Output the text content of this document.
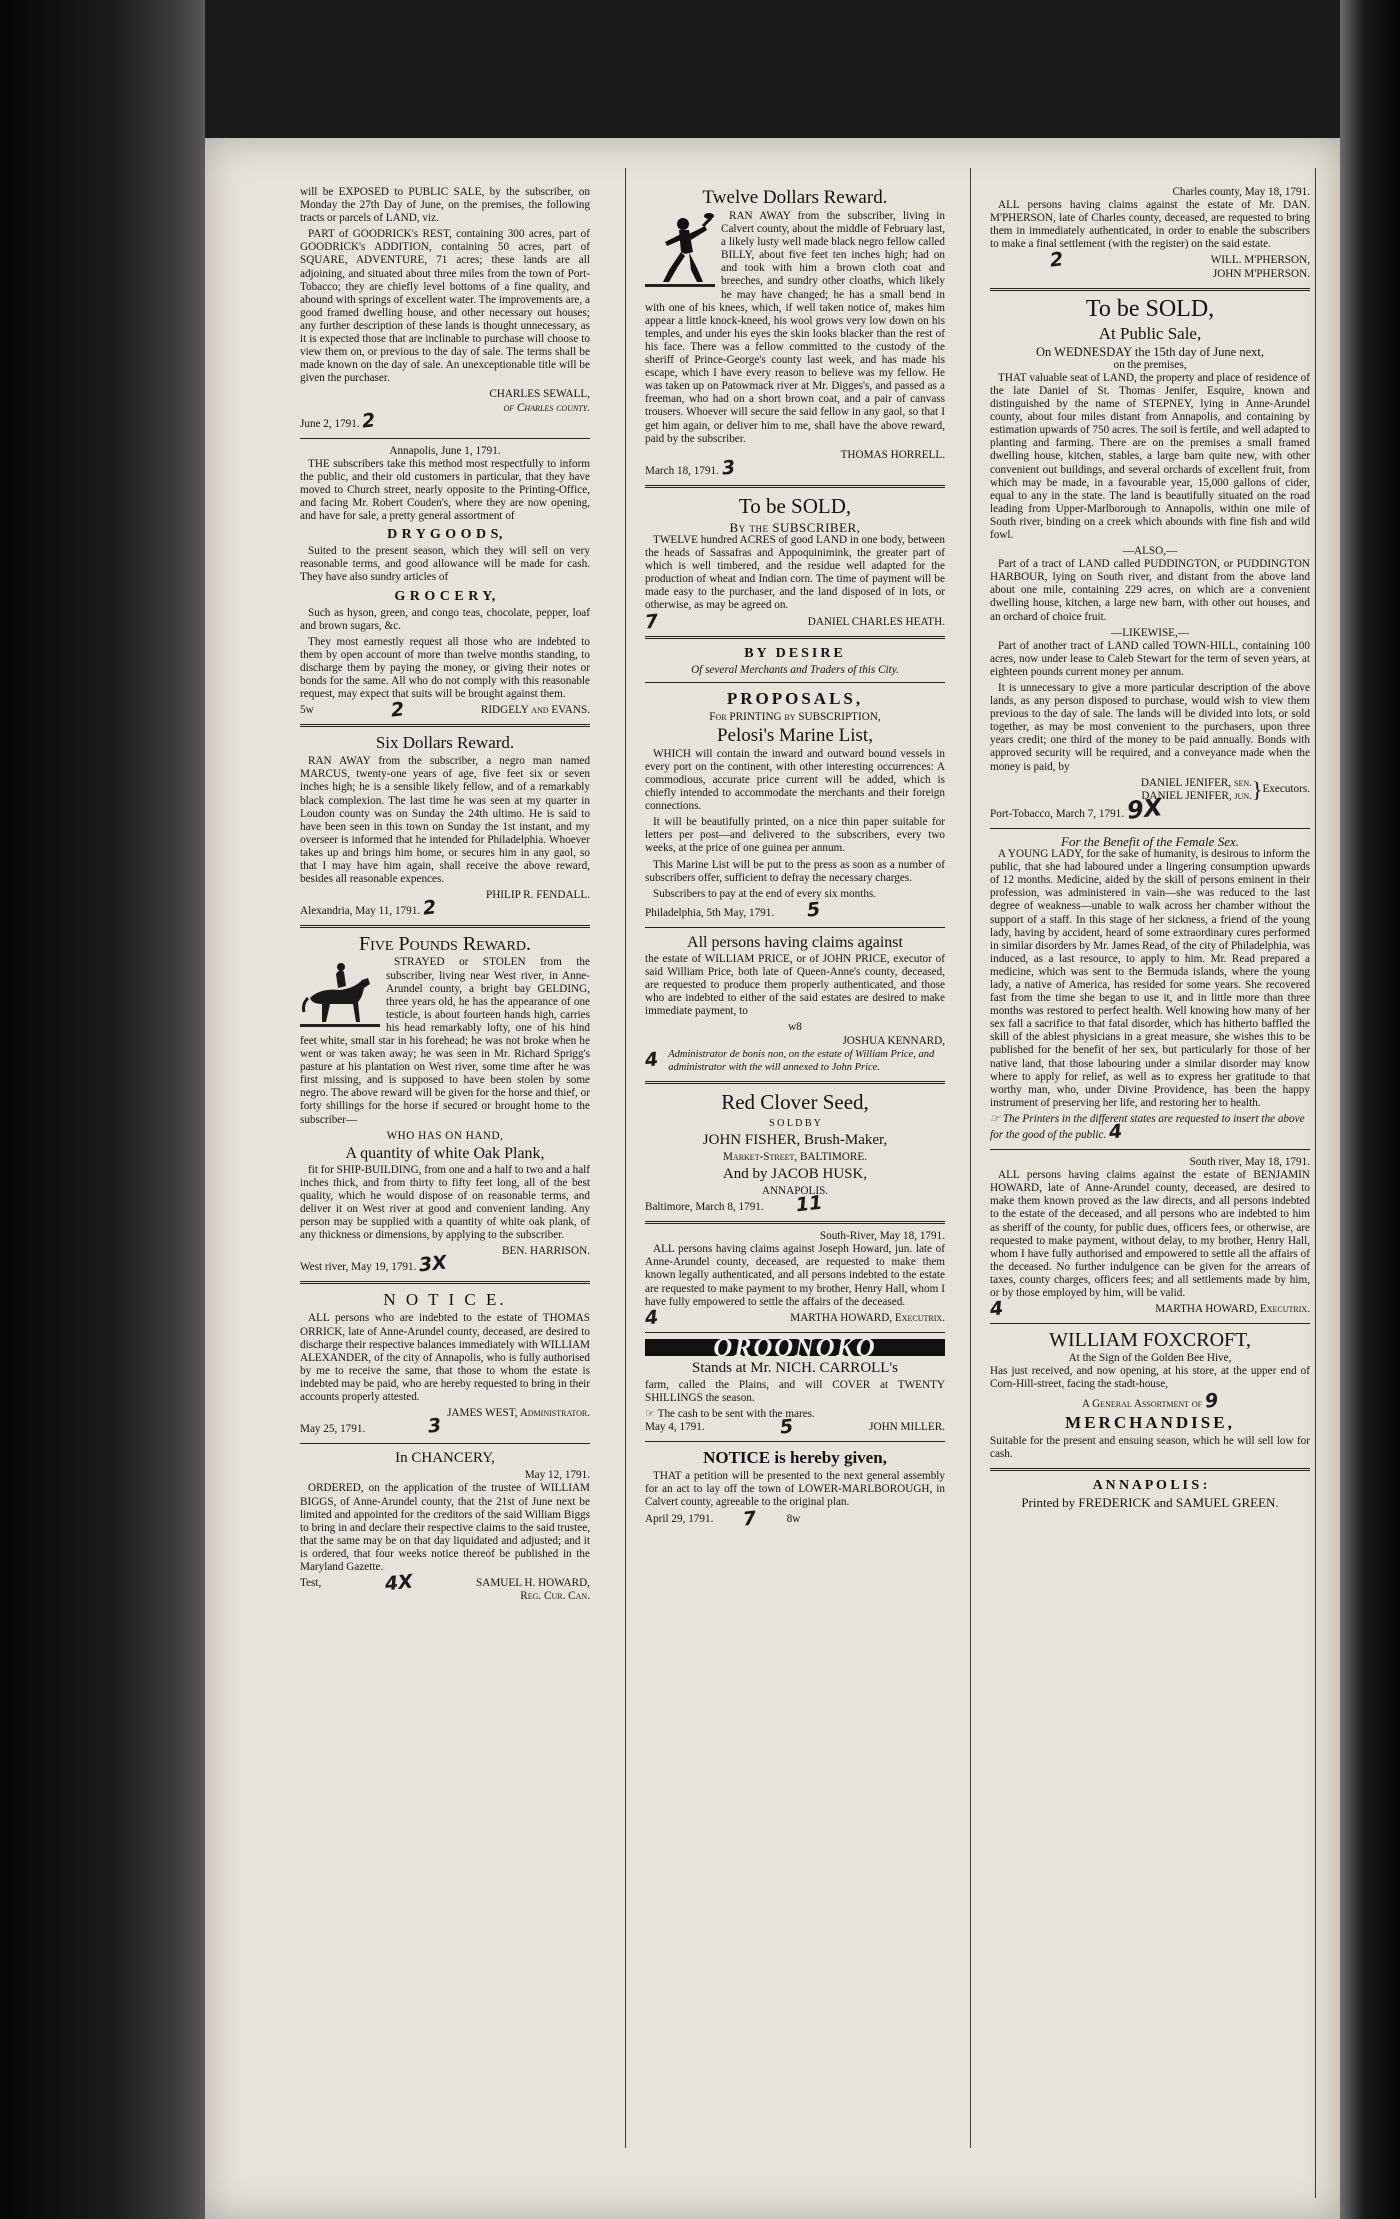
will be EXPOSED to PUBLIC SALE, by the subscriber, on Monday the 27th Day of June, on the premises, the following tracts or parcels of LAND, viz.

PART of GOODRICK's REST, containing 300 acres, part of GOODRICK's ADDITION, containing 50 acres, part of SQUARE, ADVENTURE, 71 acres; these lands are all adjoining, and situated about three miles from the town of Port-Tobacco; they are chiefly level bottoms of a fine quality, and abound with springs of excellent water. The improvements are, a good framed dwelling house, and other necessary out houses; any further description of these lands is thought unnecessary, as it is expected those that are inclinable to purchase will choose to view them on, or previous to the day of sale. The terms shall be made known on the day of sale. An unexceptionable title will be given the purchaser.

CHARLES SEWALL,
of Charles county.
June 2, 1791. 2
Annapolis, June 1, 1791.

THE subscribers take this method most respectfully to inform the public, and their old customers in particular, that they have moved to Church street, nearly opposite to the Printing-Office, and facing Mr. Robert Couden's, where they are now opening, and have for sale, a pretty general assortment of

D R Y G O O D S,

Suited to the present season, which they will sell on very reasonable terms, and good allowance will be made for cash. They have also sundry articles of

G R O C E R Y,

Such as hyson, green, and congo teas, chocolate, pepper, loaf and brown sugars, &c.

They most earnestly request all those who are indebted to them by open account of more than twelve months standing, to discharge them by paying the money, or giving their notes or bonds for the same. All who do not comply with this reasonable request, may expect that suits will be brought against them.

5w	2	RIDGELY and EVANS.
Six Dollars Reward.

RAN AWAY from the subscriber, a negro man named MARCUS, twenty-one years of age, five feet six or seven inches high; he is a sensible likely fellow, and of a remarkably black complexion. The last time he was seen at my quarter in Loudon county was on Sunday the 24th ultimo. He is said to have been seen in this town on Sunday the 1st instant, and my overseer is informed that he intended for Philadelphia. Whoever takes up and brings him home, or secures him in any gaol, so that I may have him again, shall receive the above reward, besides all reasonable expences.

PHILIP R. FENDALL.
Alexandria, May 11, 1791. 2
Five Pounds Reward.

STRAYED or STOLEN from the subscriber, living near West river, in Anne-Arundel county, a bright bay GELDING, three years old, he has the appearance of one testicle, is about fourteen hands high, carries his head remarkably lofty, one of his hind feet white, small star in his forehead; he was not broke when he went or was taken away; he was seen in Mr. Richard Sprigg's pasture at his plantation on West river, some time after he was first missing, and is supposed to have been stolen by some negro. The above reward will be given for the horse and thief, or forty shillings for the horse if secured or brought home to the subscriber—

WHO HAS ON HAND,
A quantity of white Oak Plank,

fit for SHIP-BUILDING, from one and a half to two and a half inches thick, and from thirty to fifty feet long, all of the best quality, which he would dispose of on reasonable terms, and deliver it on West river at good and convenient landing. Any person may be supplied with a quantity of white oak plank, of any thickness or dimensions, by applying to the subscriber.

BEN. HARRISON.
West river, May 19, 1791. 3X
N O T I C E.

ALL persons who are indebted to the estate of THOMAS ORRICK, late of Anne-Arundel county, deceased, are desired to discharge their respective balances immediately with WILLIAM ALEXANDER, of the city of Annapolis, who is fully authorised by me to receive the same, that those to whom the estate is indebted may be paid, who are hereby requested to bring in their accounts properly attested.

JAMES WEST, Administrator.
May 25, 1791.	3
In CHANCERY,
May 12, 1791.

ORDERED, on the application of the trustee of WILLIAM BIGGS, of Anne-Arundel county, that the 21st of June next be limited and appointed for the creditors of the said William Biggs to bring in and declare their respective claims to the said trustee, that the same may be on that day liquidated and adjusted; and it is ordered, that four weeks notice thereof be published in the Maryland Gazette.

Test,	4X	SAMUEL H. HOWARD,
Reg. Cur. Can.
Twelve Dollars Reward.

RAN AWAY from the subscriber, living in Calvert county, about the middle of February last, a likely lusty well made black negro fellow called BILLY, about five feet ten inches high; had on and took with him a brown cloth coat and breeches, and sundry other cloaths, which likely he may have changed; he has a small bend in with one of his knees, which, if well taken notice of, makes him appear a little knock-kneed, his wool grows very low down on his temples, and under his eyes the skin looks blacker than the rest of his face. There was a fellow committed to the custody of the sheriff of Prince-George's county last week, and has made his escape, which I have every reason to believe was my fellow. He was taken up on Patowmack river at Mr. Digges's, and passed as a freeman, who had on a short brown coat, and a pair of canvass trousers. Whoever will secure the said fellow in any gaol, so that I get him again, or deliver him to me, shall have the above reward, paid by the subscriber.

THOMAS HORRELL.
March 18, 1791. 3
To be SOLD,
By the SUBSCRIBER,

TWELVE hundred ACRES of good LAND in one body, between the heads of Sassafras and Appoquinimink, the greater part of which is well timbered, and the residue well adapted for the production of wheat and Indian corn. The time of payment will be made easy to the purchaser, and the land disposed of in lots, or otherwise, as may be agreed on.

7	DANIEL CHARLES HEATH.
BY DESIRE
Of several Merchants and Traders of this City.
PROPOSALS,
For PRINTING by SUBSCRIPTION,
Pelosi's Marine List,

WHICH will contain the inward and outward bound vessels in every port on the continent, with other interesting occurrences: A commodious, accurate price current will be added, which is chiefly intended to accommodate the merchants and their foreign connections.

It will be beautifully printed, on a nice thin paper suitable for letters per post—and delivered to the subscribers, every two weeks, at the price of one guinea per annum.

This Marine List will be put to the press as soon as a number of subscribers offer, sufficient to defray the necessary charges.

Subscribers to pay at the end of every six months.

Philadelphia, 5th May, 1791. 5
All persons having claims against

the estate of WILLIAM PRICE, or of JOHN PRICE, executor of said William Price, both late of Queen-Anne's county, deceased, are requested to produce them properly authenticated, and those who are indebted to either of the said estates are desired to make immediate payment, to

w8
JOSHUA KENNARD,
4 Administrator de bonis non, on the estate of William Price, and administrator with the will annexed to John Price.
Red Clover Seed,
S O L D B Y
JOHN FISHER, Brush-Maker,
Market-Street, BALTIMORE.
And by JACOB HUSK,
ANNAPOLIS.
Baltimore, March 8, 1791. 11
South-River, May 18, 1791.

ALL persons having claims against Joseph Howard, jun. late of Anne-Arundel county, deceased, are requested to make them known legally authenticated, and all persons indebted to the estate are requested to make payment to my brother, Henry Hall, whom I have fully empowered to settle the affairs of the deceased.

4	MARTHA HOWARD, Executrix.
OROONOKO
Stands at Mr. NICH. CARROLL's

farm, called the Plains, and will COVER at TWENTY SHILLINGS the season.

☞ The cash to be sent with the mares.
May 4, 1791.	5	JOHN MILLER.
NOTICE is hereby given,

THAT a petition will be presented to the next general assembly for an act to lay off the town of LOWER-MARLBOROUGH, in Calvert county, agreeable to the original plan.

April 29, 1791. 7	8w
Charles county, May 18, 1791.

ALL persons having claims against the estate of Mr. DAN. M'PHERSON, late of Charles county, deceased, are requested to bring them in immediately authenticated, in order to enable the subscribers to make a final settlement (with the register) on the said estate.

2	WILL. M'PHERSON,
JOHN M'PHERSON.
To be SOLD,
At Public Sale,
On WEDNESDAY the 15th day of June next,
on the premises,

THAT valuable seat of LAND, the property and place of residence of the late Daniel of St. Thomas Jenifer, Esquire, known and distinguished by the name of STEPNEY, lying in Anne-Arundel county, about four miles distant from Annapolis, and containing by estimation upwards of 750 acres. The soil is fertile, and well adapted to planting and farming. There are on the premises a small framed dwelling house, kitchen, stables, a large barn quite new, with other convenient out buildings, and several orchards of excellent fruit, from which may be made, in a favourable year, 15,000 gallons of cider, equal to any in the state. The land is beautifully situated on the road leading from Upper-Marlborough to Annapolis, within one mile of South river, binding on a creek which abounds with fine fish and wild fowl.

—ALSO,—

Part of a tract of LAND called PUDDINGTON, or PUDDINGTON HARBOUR, lying on South river, and distant from the above land about one mile, containing 229 acres, on which are a convenient dwelling house, kitchen, a large new barn, with other out houses, and an orchard of choice fruit.

—LIKEWISE,—

Part of another tract of LAND called TOWN-HILL, containing 100 acres, now under lease to Caleb Stewart for the term of seven years, at eighteen pounds current money per annum.

It is unnecessary to give a more particular description of the above lands, as any person disposed to purchase, would wish to view them previous to the day of sale. The lands will be divided into lots, or sold together, as may be most convenient to the purchasers, upon three years credit; one third of the money to be paid annually. Bonds with approved security will be required, and a conveyance made when the money is paid, by

DANIEL JENIFER, sen.
DANIEL JENIFER, jun. } Executors.
Port-Tobacco, March 7, 1791. 9X
For the Benefit of the Female Sex.

A YOUNG LADY, for the sake of humanity, is desirous to inform the public, that she had laboured under a lingering consumption upwards of 12 months. Medicine, aided by the skill of persons eminent in their profession, was administered in vain—she was reduced to the last degree of weakness—unable to walk across her chamber without the support of a staff. In this stage of her sickness, a friend of the young lady, having by accident, heard of some extraordinary cures performed in similar disorders by Mr. James Read, of the city of Philadelphia, was induced, as a last resource, to apply to him. Mr. Read prepared a medicine, which was sent to the Bermuda islands, where the young lady, a native of America, has resided for some years. She recovered fast from the time she began to use it, and in little more than three months was restored to perfect health. Well knowing how many of her sex fall a sacrifice to that fatal disorder, which has hitherto baffled the skill of the ablest physicians in a great measure, she wishes this to be published for the benefit of her sex, but particularly for those of her native land, that those labouring under a similar disorder may know where to apply for relief, as well as to express her gratitude to that worthy man, who, under Divine Providence, has been the happy instrument of preserving her life, and restoring her to health.

☞ The Printers in the different states are requested to insert the above for the good of the public. 4
South river, May 18, 1791.

ALL persons having claims against the estate of BENJAMIN HOWARD, late of Anne-Arundel county, deceased, are desired to make them known proved as the law directs, and all persons indebted to the estate of the deceased, and all persons who are indebted to him as sheriff of the county, for public dues, officers fees, or otherwise, are requested to make payment, without delay, to my brother, Henry Hall, whom I have fully authorised and empowered to settle all the affairs of the deceased. No further indulgence can be given for the arrears of taxes, county charges, officers fees; and all settlements made by him, or by those employed by him, will be valid.

4	MARTHA HOWARD, Executrix.
WILLIAM FOXCROFT,
At the Sign of the Golden Bee Hive,

Has just received, and now opening, at his store, at the upper end of Corn-Hill-street, facing the stadt-house,

A General Assortment of 9
MERCHANDISE,

Suitable for the present and ensuing season, which he will sell low for cash.

A N N A P O L I S :
Printed by FREDERICK and SAMUEL GREEN.
